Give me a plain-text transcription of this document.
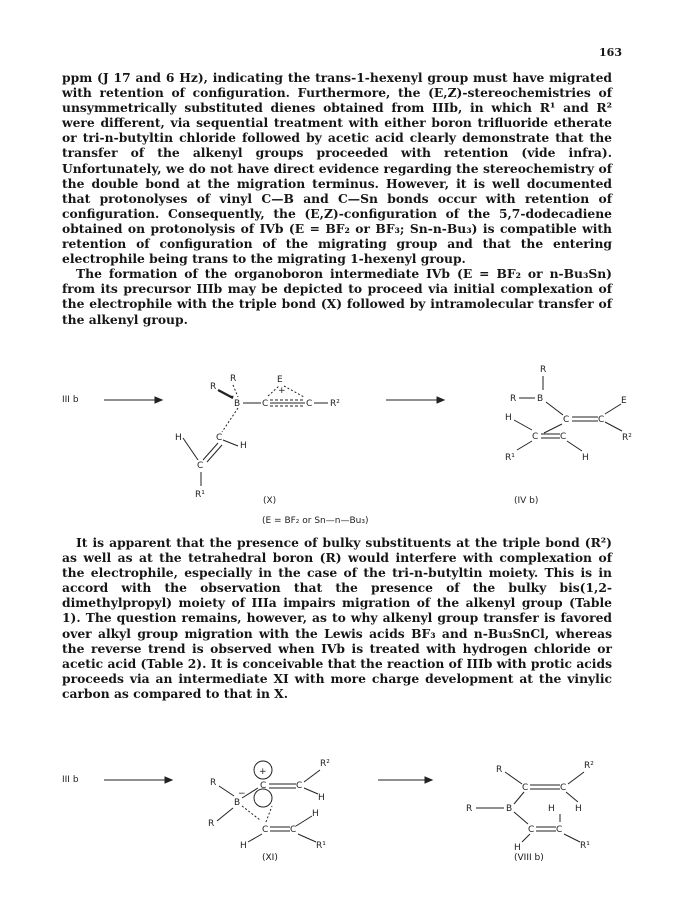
163

ppm (J 17 and 6 Hz), indicating the trans-1-hexenyl group must have migrated with retention of configuration. Furthermore, the (E,Z)-stereochemistries of unsymmetrically substituted dienes obtained from IIIb, in which R¹ and R² were different, via sequential treatment with either boron trifluoride etherate or tri-n-butyltin chloride followed by acetic acid clearly demonstrate that the transfer of the alkenyl groups proceeded with retention (vide infra). Unfortunately, we do not have direct evidence regarding the stereochemistry of the double bond at the migration terminus. However, it is well documented that protonolyses of vinyl C—B and C—Sn bonds occur with retention of configuration. Consequently, the (E,Z)-configuration of the 5,7-dodecadiene obtained on protonolysis of IVb (E = BF₂ or BF₃; Sn-n-Bu₃) is compatible with retention of configuration of the migrating group and that the entering electrophile being trans to the migrating 1-hexenyl group.

The formation of the organoboron intermediate IVb (E = BF₂ or n-Bu₃Sn) from its precursor IIIb may be depicted to proceed via initial complexation of the electrophile with the triple bond (X) followed by intramolecular transfer of the alkenyl group.

III b
R
R
B
−
E
+
C	C R²
C
C
H
H
R¹
R
R B
C	C
E
R²
H
C C
R¹	H
(X)	(IV b)
(E = BF₂ or Sn—n—Bu₃)

It is apparent that the presence of bulky substituents at the triple bond (R²) as well as at the tetrahedral boron (R) would interfere with complexation of the electrophile, especially in the case of the tri-n-butyltin moiety. This is in accord with the observation that the presence of the bulky bis(1,2-dimethylpropyl) moiety of IIIa impairs migration of the alkenyl group (Table 1). The question remains, however, as to why alkenyl group transfer is favored over alkyl group migration with the Lewis acids BF₃ and n-Bu₃SnCl, whereas the reverse trend is observed when IVb is treated with hydrogen chloride or acetic acid (Table 2). It is conceivable that the reaction of IIIb with protic acids proceeds via an intermediate XI with more charge development at the vinylic carbon as compared to that in X.

III b
+
C	C
R²
H
R
B
−
R
C C
H
H	R¹
R
C	C
R²
H
R	B
C C
H
H	R¹
(XI)	(VIII b)
